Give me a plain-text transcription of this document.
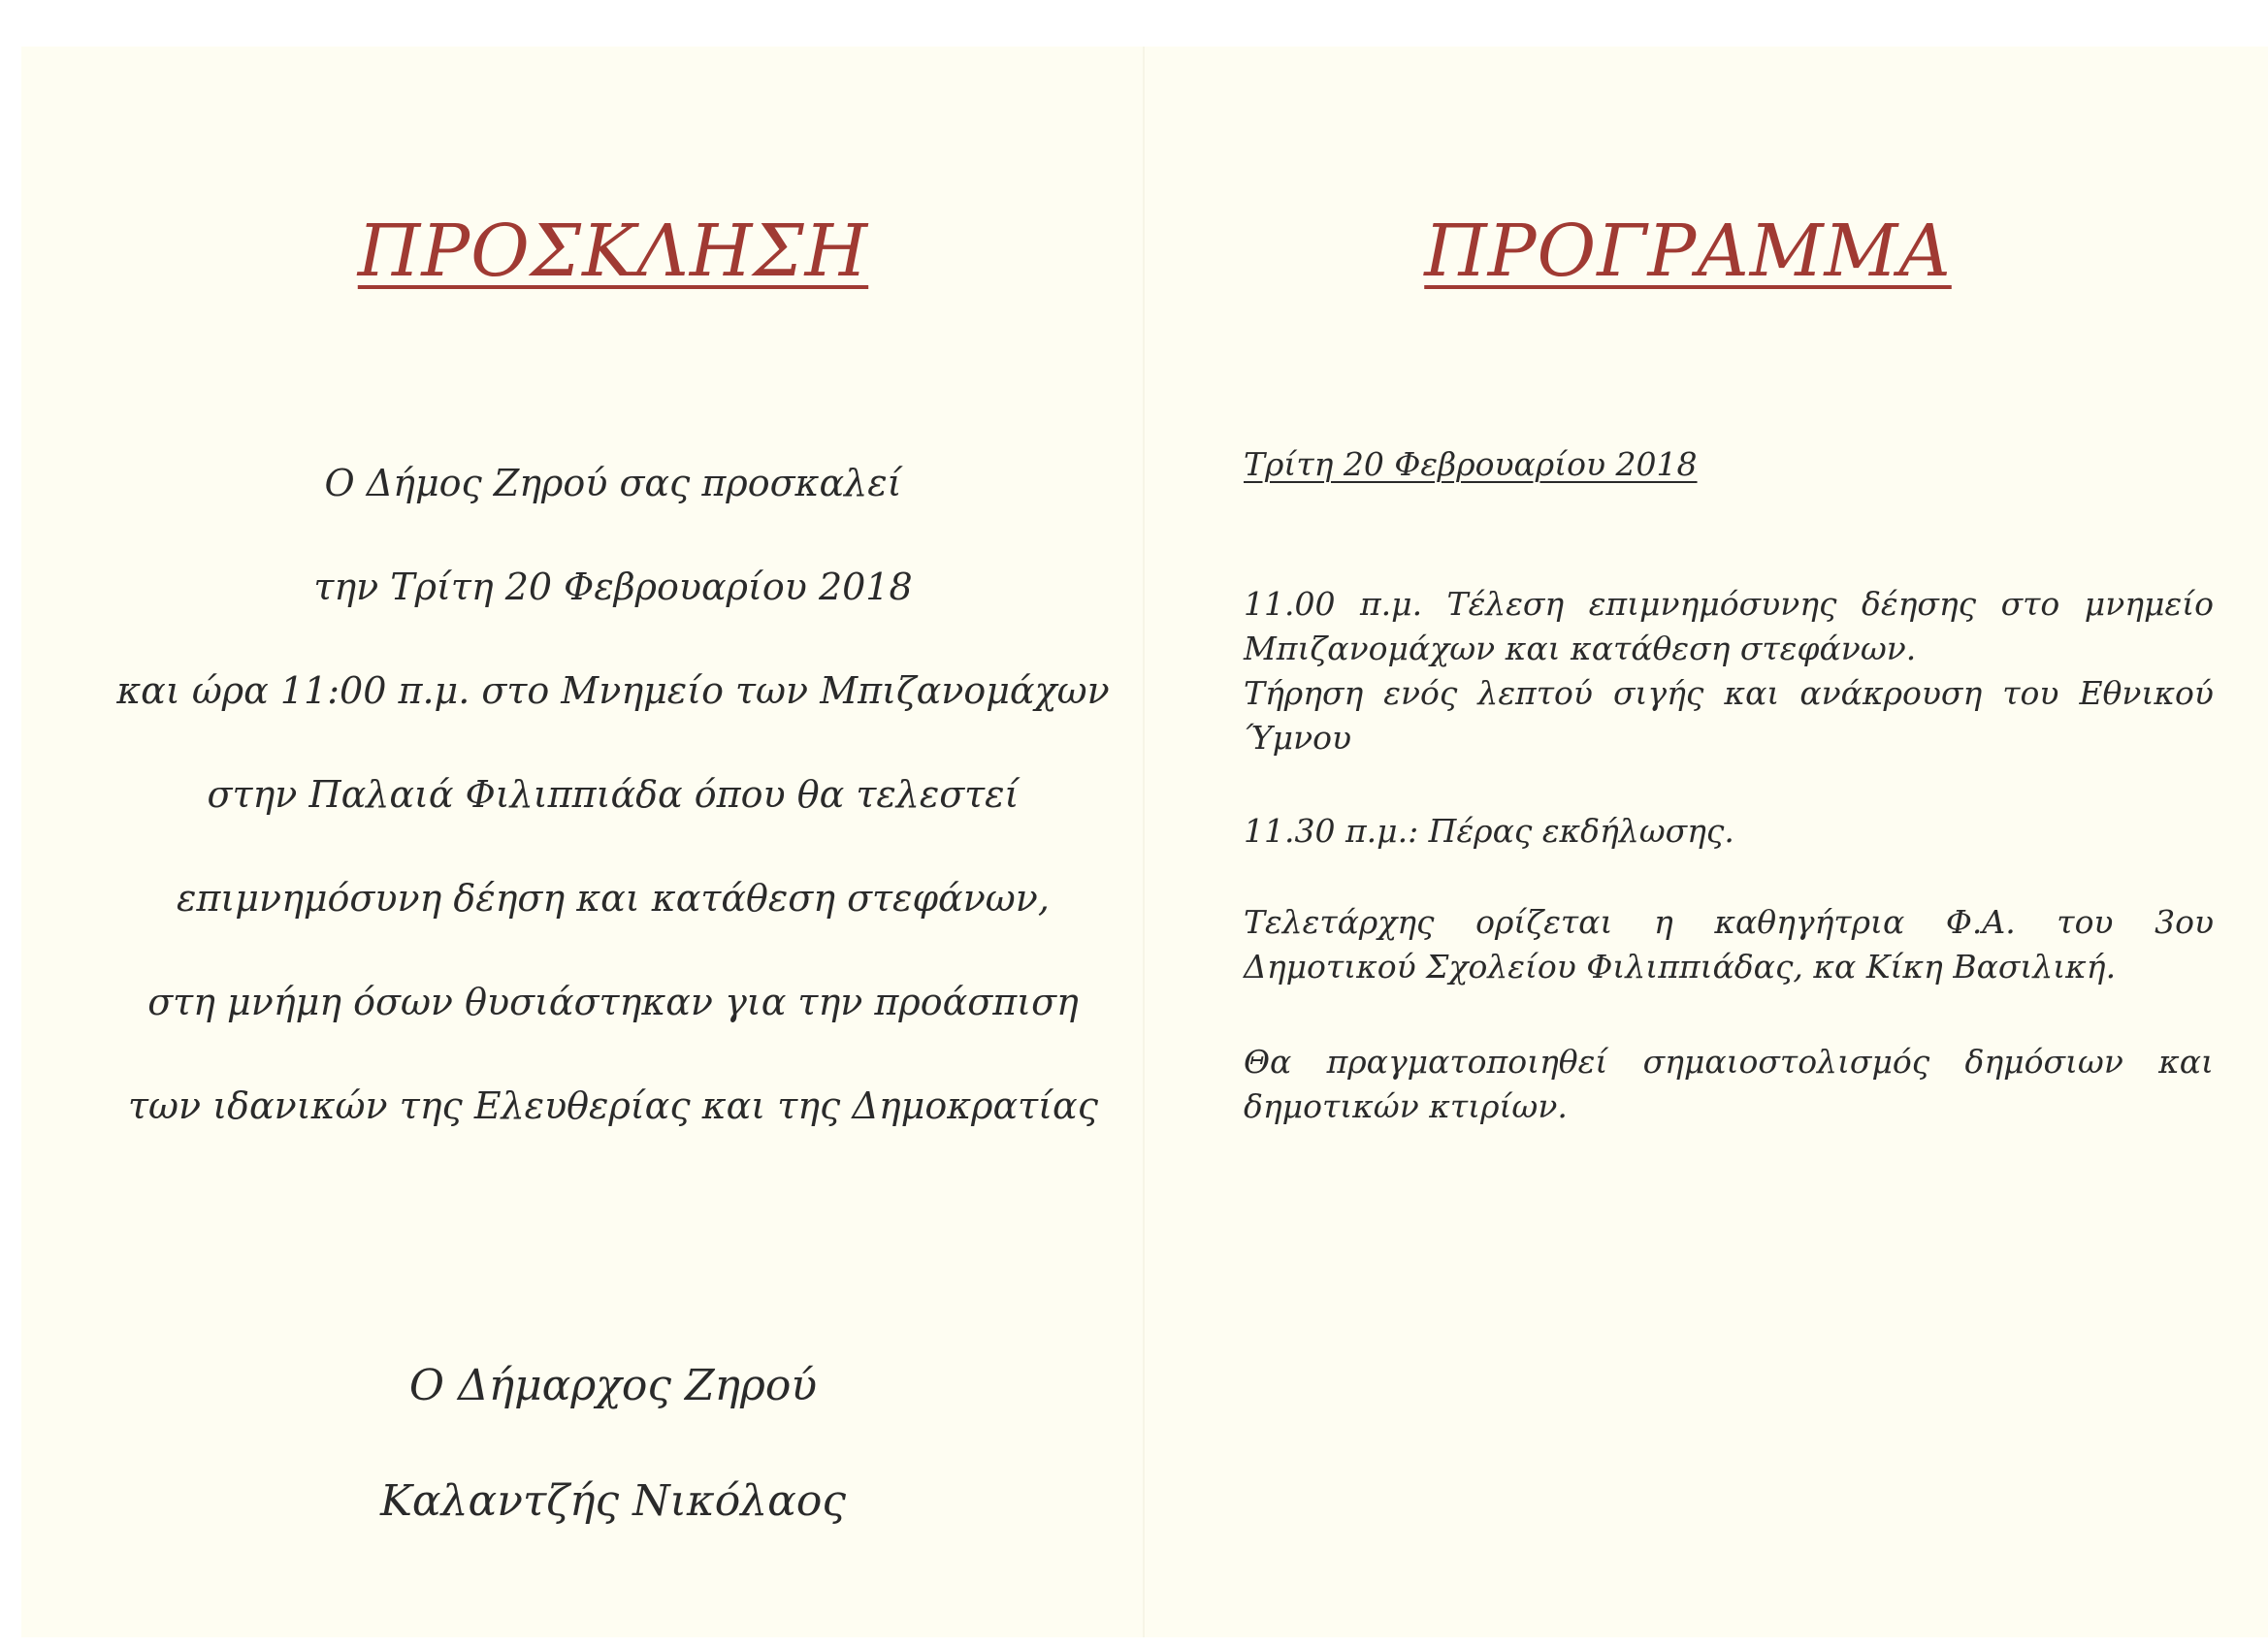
ΠΡΟΣΚΛΗΣΗ
Ο Δήμος Ζηρού σας προσκαλεί
την Τρίτη 20 Φεβρουαρίου 2018
και ώρα 11:00 π.μ. στο Μνημείο των Μπιζανομάχων
στην Παλαιά Φιλιππιάδα όπου θα τελεστεί
επιμνημόσυνη δέηση και κατάθεση στεφάνων,
στη μνήμη όσων θυσιάστηκαν για την προάσπιση
των ιδανικών της Ελευθερίας και της Δημοκρατίας
Ο Δήμαρχος Ζηρού
Καλαντζής Νικόλαος
ΠΡΟΓΡΑΜΜΑ
Τρίτη 20 Φεβρουαρίου 2018
11.00 π.μ. Τέλεση επιμνημόσυνης δέησης στο μνημείο
Μπιζανομάχων και κατάθεση στεφάνων.
Τήρηση ενός λεπτού σιγής και ανάκρουση του Εθνικού
Ύμνου
11.30 π.μ.: Πέρας εκδήλωσης.
Τελετάρχης ορίζεται η καθηγήτρια Φ.Α. του 3ου
Δημοτικού Σχολείου Φιλιππιάδας, κα Κίκη Βασιλική.
Θα πραγματοποιηθεί σημαιοστολισμός δημόσιων και
δημοτικών κτιρίων.
